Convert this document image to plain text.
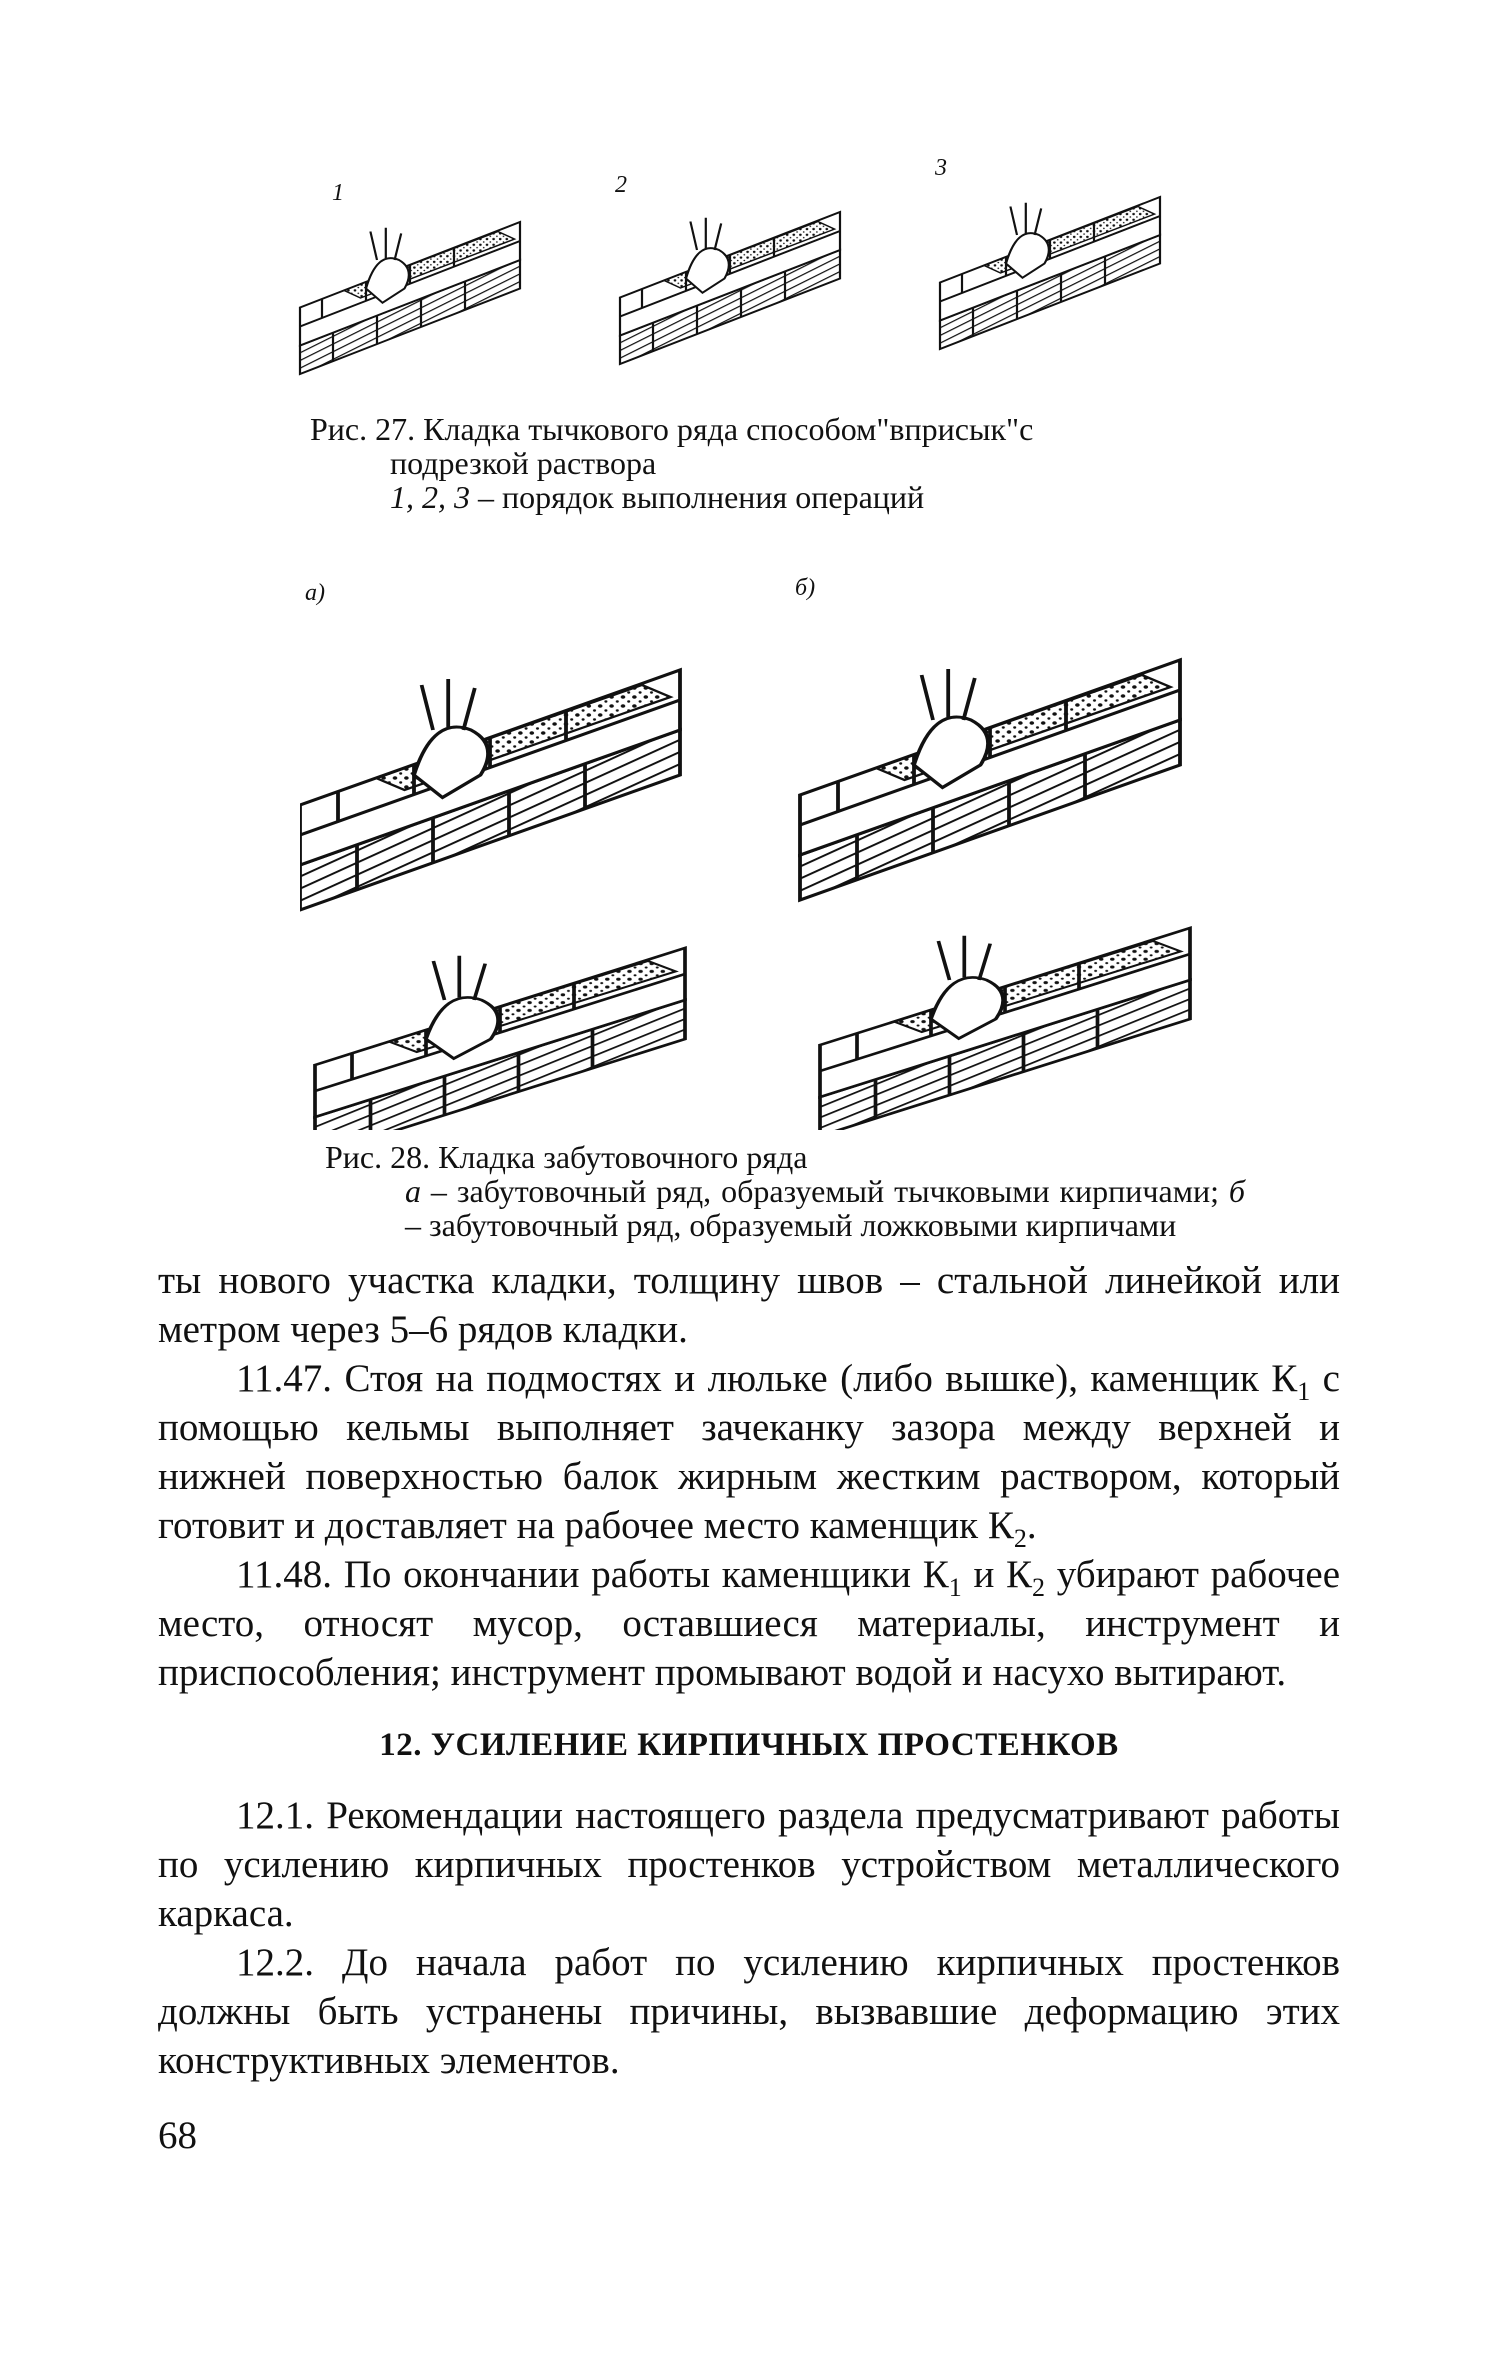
1	2
3
Рис. 27. Кладка тычкового ряда способом"вприсык"с
подрезкой раствора
1, 2, 3 – порядок выполнения операций
а)	б)
Рис. 28. Кладка забутовочного ряда
а – забутовочный ряд, образуемый тычковыми кирпичами; б – забутовочный ряд, образуемый ложковыми кирпичами

ты нового участка кладки, толщину швов – стальной линейкой или метром через 5–6 рядов кладки.

11.47. Стоя на подмостях и люльке (либо вышке), каменщик $К_1$ с помощью кельмы выполняет зачеканку зазора между верхней и нижней поверхностью балок жирным жестким раствором, который готовит и доставляет на рабочее место каменщик $К_2$.

11.48. По окончании работы каменщики $К_1$ и $К_2$ убирают рабочее место, относят мусор, оставшиеся материалы, инструмент и приспособления; инструмент промывают водой и насухо вытирают.

12. УСИЛЕНИЕ КИРПИЧНЫХ ПРОСТЕНКОВ

12.1. Рекомендации настоящего раздела предусматривают работы по усилению кирпичных простенков устройством металлического каркаса.

12.2. До начала работ по усилению кирпичных простенков должны быть устранены причины, вызвавшие деформацию этих конструктивных элементов.

68
